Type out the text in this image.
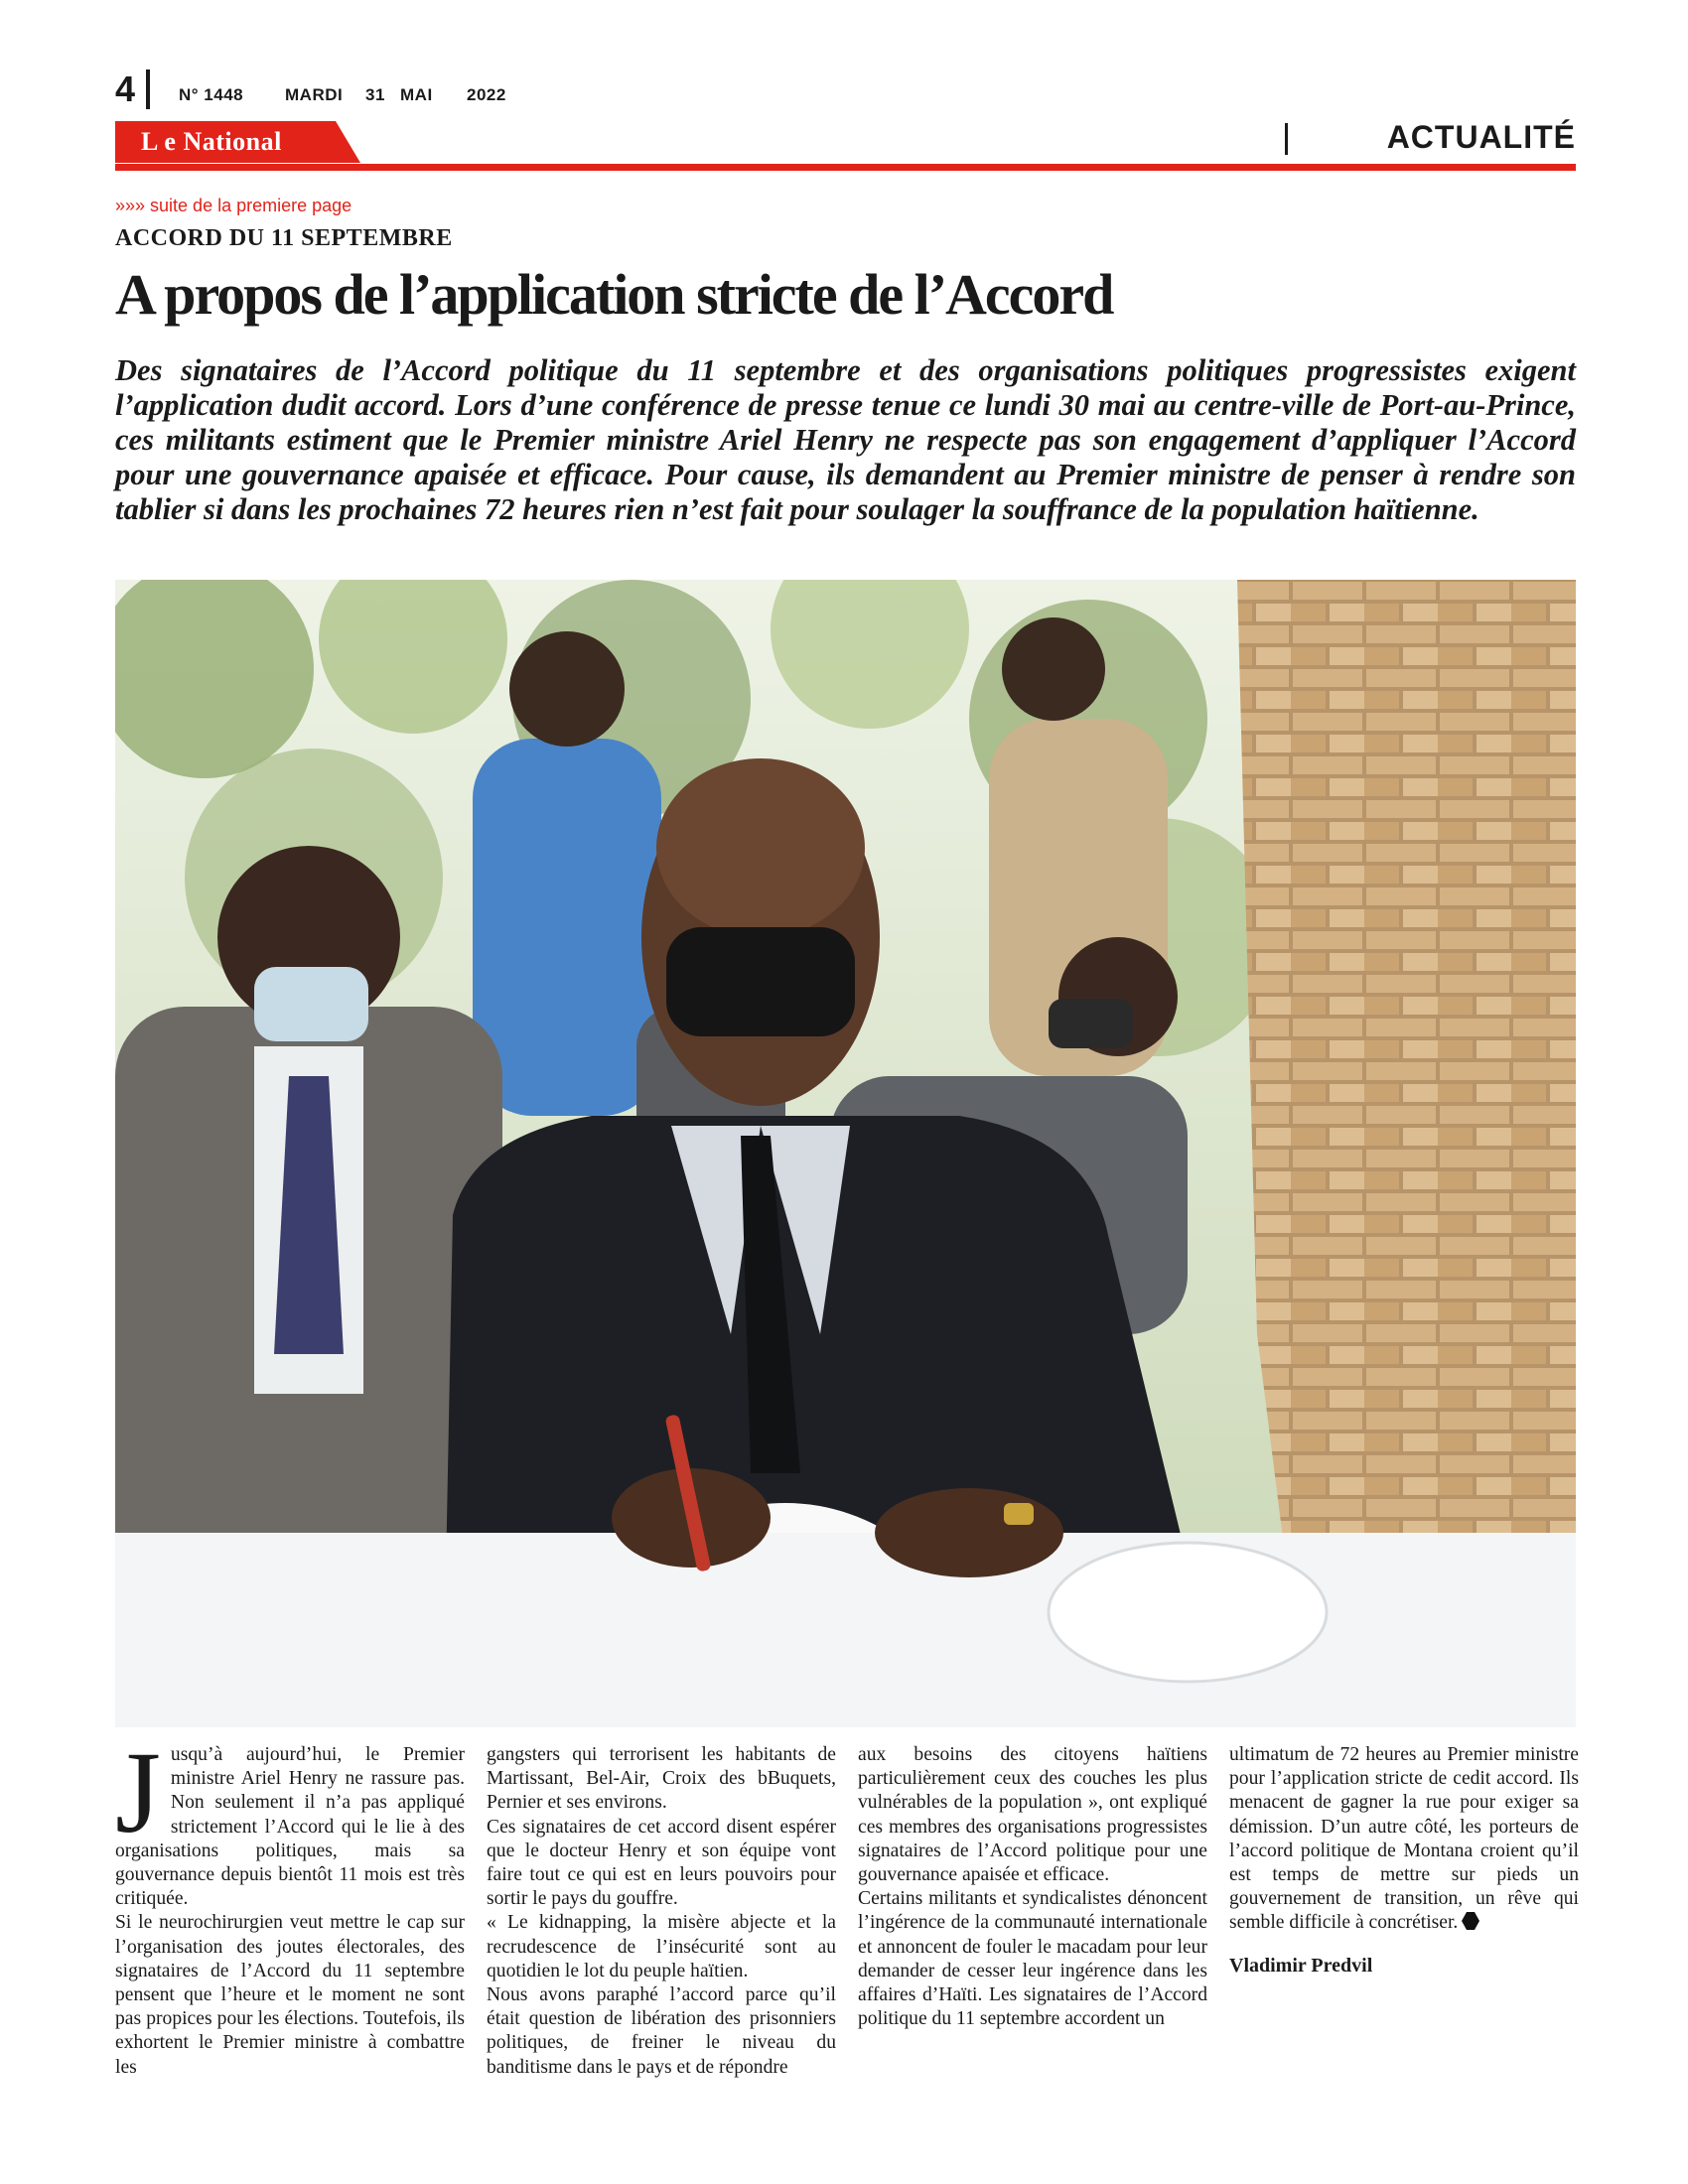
4	N° 1448 MARDI 31 MAI 2022
L e National	ACTUALITÉ
»»» suite de la premiere page
ACCORD DU 11 SEPTEMBRE
A propos de l’application stricte de l’Accord
Des signataires de l’Accord politique du 11 septembre et des organisations politiques progressistes exigent l’application dudit accord. Lors d’une conférence de presse tenue ce lundi 30 mai au centre-ville de Port-au-Prince, ces militants estiment que le Premier ministre Ariel Henry ne respecte pas son engagement d’appliquer l’Accord pour une gouvernance apaisée et efficace. Pour cause, ils demandent au Premier ministre de penser à rendre son tablier si dans les prochaines 72 heures rien n’est fait pour soulager la souffrance de la population haïtienne.

Jusqu’à aujourd’hui, le Premier ministre Ariel Henry ne rassure pas. Non seulement il n’a pas appliqué strictement l’Accord qui le lie à des organisations politiques, mais sa gouvernance depuis bientôt 11 mois est très critiquée.

Si le neurochirurgien veut mettre le cap sur l’organisation des joutes électorales, des signataires de l’Accord du 11 septembre pensent que l’heure et le moment ne sont pas propices pour les élections. Toutefois, ils exhortent le Premier ministre à combattre les

gangsters qui terrorisent les habitants de Martissant, Bel-Air, Croix des bBuquets, Pernier et ses environs.

Ces signataires de cet accord disent espérer que le docteur Henry et son équipe vont faire tout ce qui est en leurs pouvoirs pour sortir le pays du gouffre.

« Le kidnapping, la misère abjecte et la recrudescence de l’insécurité sont au quotidien le lot du peuple haïtien.

Nous avons paraphé l’accord parce qu’il était question de libération des prisonniers politiques, de freiner le niveau du banditisme dans le pays et de répondre

aux besoins des citoyens haïtiens particulièrement ceux des couches les plus vulnérables de la population », ont expliqué ces membres des organisations progressistes signataires de l’Accord politique pour une gouvernance apaisée et efficace.

Certains militants et syndicalistes dénoncent l’ingérence de la communauté internationale et annoncent de fouler le macadam pour leur demander de cesser leur ingérence dans les affaires d’Haïti. Les signataires de l’Accord politique du 11 septembre accordent un

ultimatum de 72 heures au Premier ministre pour l’application stricte de cedit accord. Ils menacent de gagner la rue pour exiger sa démission. D’un autre côté, les porteurs de l’accord politique de Montana croient qu’il est temps de mettre sur pieds un gouvernement de transition, un rêve qui semble difficile à concrétiser.

Vladimir Predvil
